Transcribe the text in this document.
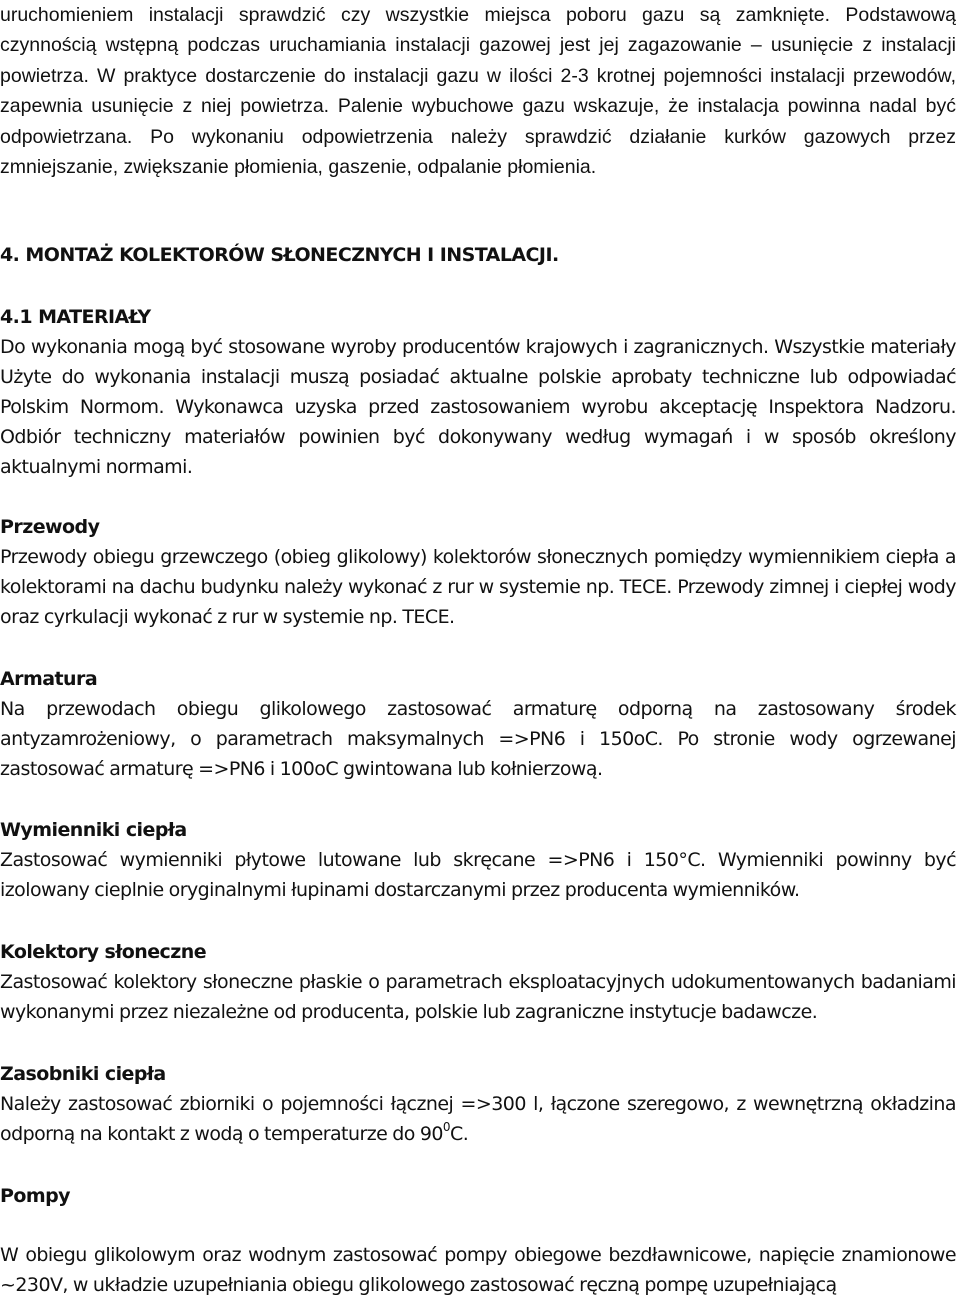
uruchomieniem instalacji sprawdzić czy wszystkie miejsca poboru gazu są zamknięte. Podstawową czynnością wstępną podczas uruchamiania instalacji gazowej jest jej zagazowanie – usunięcie z instalacji powietrza. W praktyce dostarczenie do instalacji gazu w ilości 2-3 krotnej pojemności instalacji przewodów, zapewnia usunięcie z niej powietrza. Palenie wybuchowe gazu wskazuje, że instalacja powinna nadal być odpowietrzana. Po wykonaniu odpowietrzenia należy sprawdzić działanie kurków gazowych przez zmniejszanie, zwiększanie płomienia, gaszenie, odpalanie płomienia.

4. MONTAŻ KOLEKTORÓW SŁONECZNYCH I INSTALACJI.
4.1 MATERIAŁY

Do wykonania mogą być stosowane wyroby producentów krajowych i zagranicznych. Wszystkie materiały Użyte do wykonania instalacji muszą posiadać aktualne polskie aprobaty techniczne lub odpowiadać Polskim Normom. Wykonawca uzyska przed zastosowaniem wyrobu akceptację Inspektora Nadzoru. Odbiór techniczny materiałów powinien być dokonywany według wymagań i w sposób określony aktualnymi normami.

Przewody

Przewody obiegu grzewczego (obieg glikolowy) kolektorów słonecznych pomiędzy wymiennikiem ciepła a kolektorami na dachu budynku należy wykonać z rur w systemie np. TECE. Przewody zimnej i ciepłej wody oraz cyrkulacji wykonać z rur w systemie np. TECE.

Armatura

Na przewodach obiegu glikolowego zastosować armaturę odporną na zastosowany środek antyzamrożeniowy, o parametrach maksymalnych =>PN6 i 150oC. Po stronie wody ogrzewanej zastosować armaturę =>PN6 i 100oC gwintowana lub kołnierzową.

Wymienniki ciepła

Zastosować wymienniki płytowe lutowane lub skręcane =>PN6 i 150°C. Wymienniki powinny być izolowany cieplnie oryginalnymi łupinami dostarczanymi przez producenta wymienników.

Kolektory słoneczne

Zastosować kolektory słoneczne płaskie o parametrach eksploatacyjnych udokumentowanych badaniami wykonanymi przez niezależne od producenta, polskie lub zagraniczne instytucje badawcze.

Zasobniki ciepła

Należy zastosować zbiorniki o pojemności łącznej =>300 l, łączone szeregowo, z wewnętrzną okładzina odporną na kontakt z wodą o temperaturze do $90^0C$.

Pompy

W obiegu glikolowym oraz wodnym zastosować pompy obiegowe bezdławnicowe, napięcie znamionowe ~230V, w układzie uzupełniania obiegu glikolowego zastosować ręczną pompę uzupełniającą
